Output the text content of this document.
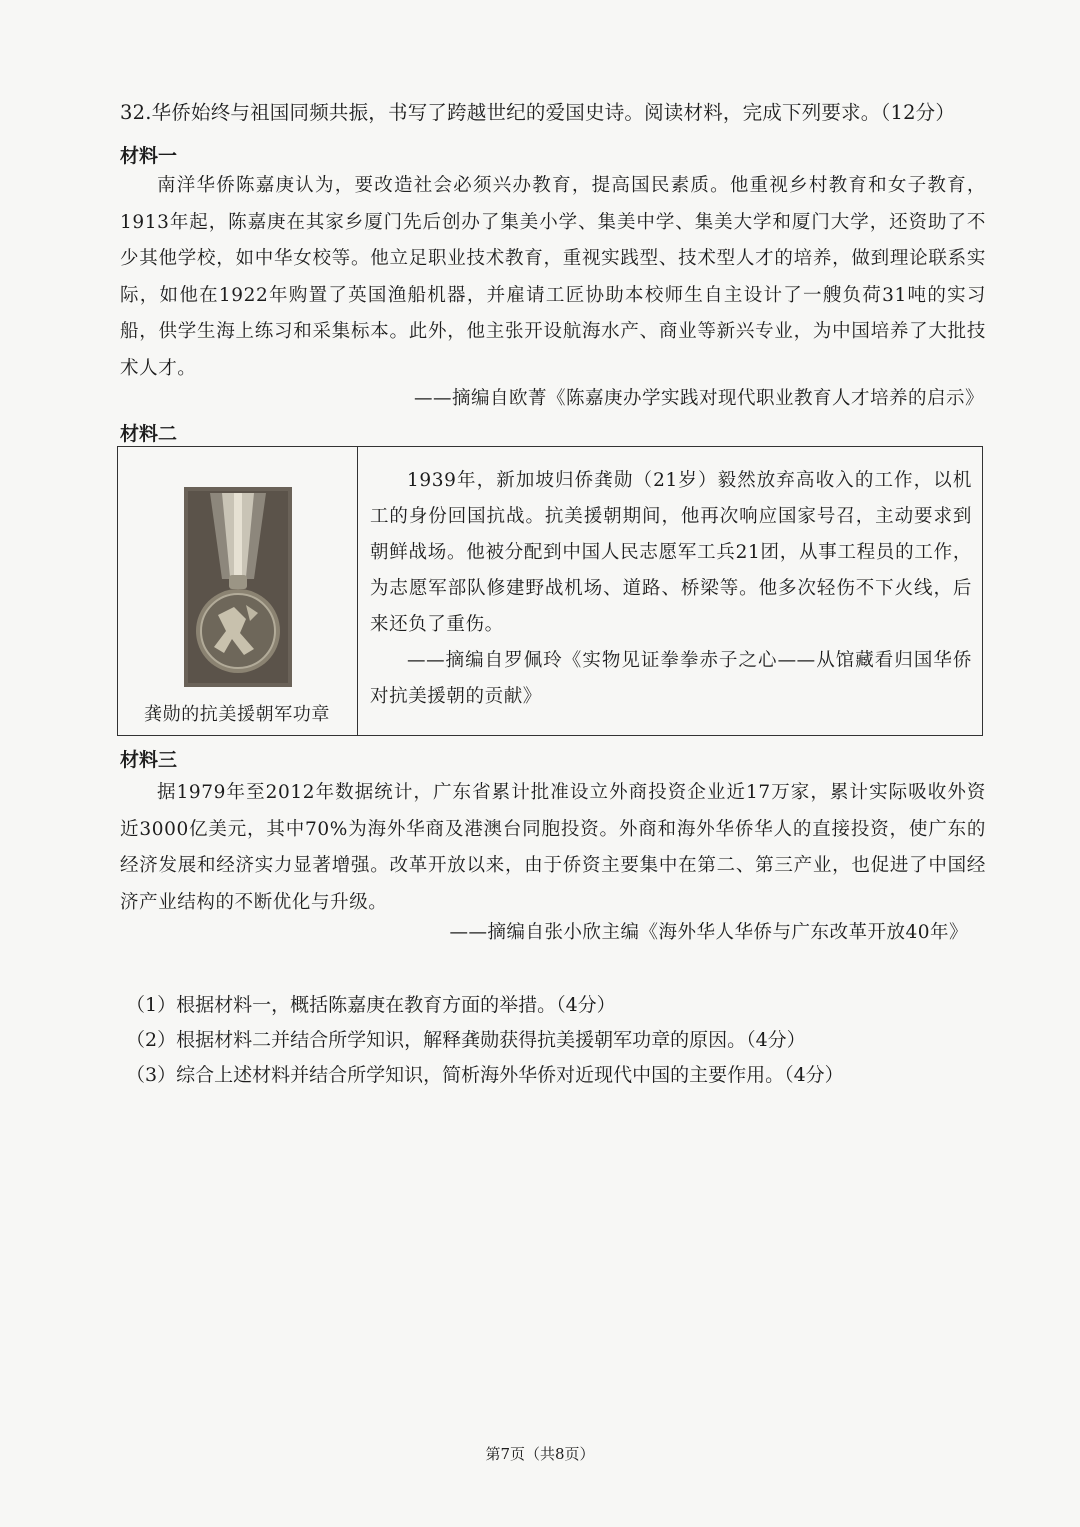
32.华侨始终与祖国同频共振，书写了跨越世纪的爱国史诗。阅读材料，完成下列要求。（12分）
材料一

南洋华侨陈嘉庚认为，要改造社会必须兴办教育，提高国民素质。他重视乡村教育和女子教育，1913年起，陈嘉庚在其家乡厦门先后创办了集美小学、集美中学、集美大学和厦门大学，还资助了不少其他学校，如中华女校等。他立足职业技术教育，重视实践型、技术型人才的培养，做到理论联系实际，如他在1922年购置了英国渔船机器，并雇请工匠协助本校师生自主设计了一艘负荷31吨的实习船，供学生海上练习和采集标本。此外，他主张开设航海水产、商业等新兴专业，为中国培养了大批技术人才。

——摘编自欧菁《陈嘉庚办学实践对现代职业教育人才培养的启示》
材料二
龚勋的抗美援朝军功章

1939年，新加坡归侨龚勋（21岁）毅然放弃高收入的工作，以机工的身份回国抗战。抗美援朝期间，他再次响应国家号召，主动要求到朝鲜战场。他被分配到中国人民志愿军工兵21团，从事工程员的工作，为志愿军部队修建野战机场、道路、桥梁等。他多次轻伤不下火线，后来还负了重伤。

——摘编自罗佩玲《实物见证拳拳赤子之心——从馆藏看归国华侨对抗美援朝的贡献》

材料三

据1979年至2012年数据统计，广东省累计批准设立外商投资企业近17万家，累计实际吸收外资近3000亿美元，其中70%为海外华商及港澳台同胞投资。外商和海外华侨华人的直接投资，使广东的经济发展和经济实力显著增强。改革开放以来，由于侨资主要集中在第二、第三产业，也促进了中国经济产业结构的不断优化与升级。

——摘编自张小欣主编《海外华人华侨与广东改革开放40年》
（1）根据材料一，概括陈嘉庚在教育方面的举措。（4分）
（2）根据材料二并结合所学知识，解释龚勋获得抗美援朝军功章的原因。（4分）
（3）综合上述材料并结合所学知识，简析海外华侨对近现代中国的主要作用。（4分）
第7页（共8页）
